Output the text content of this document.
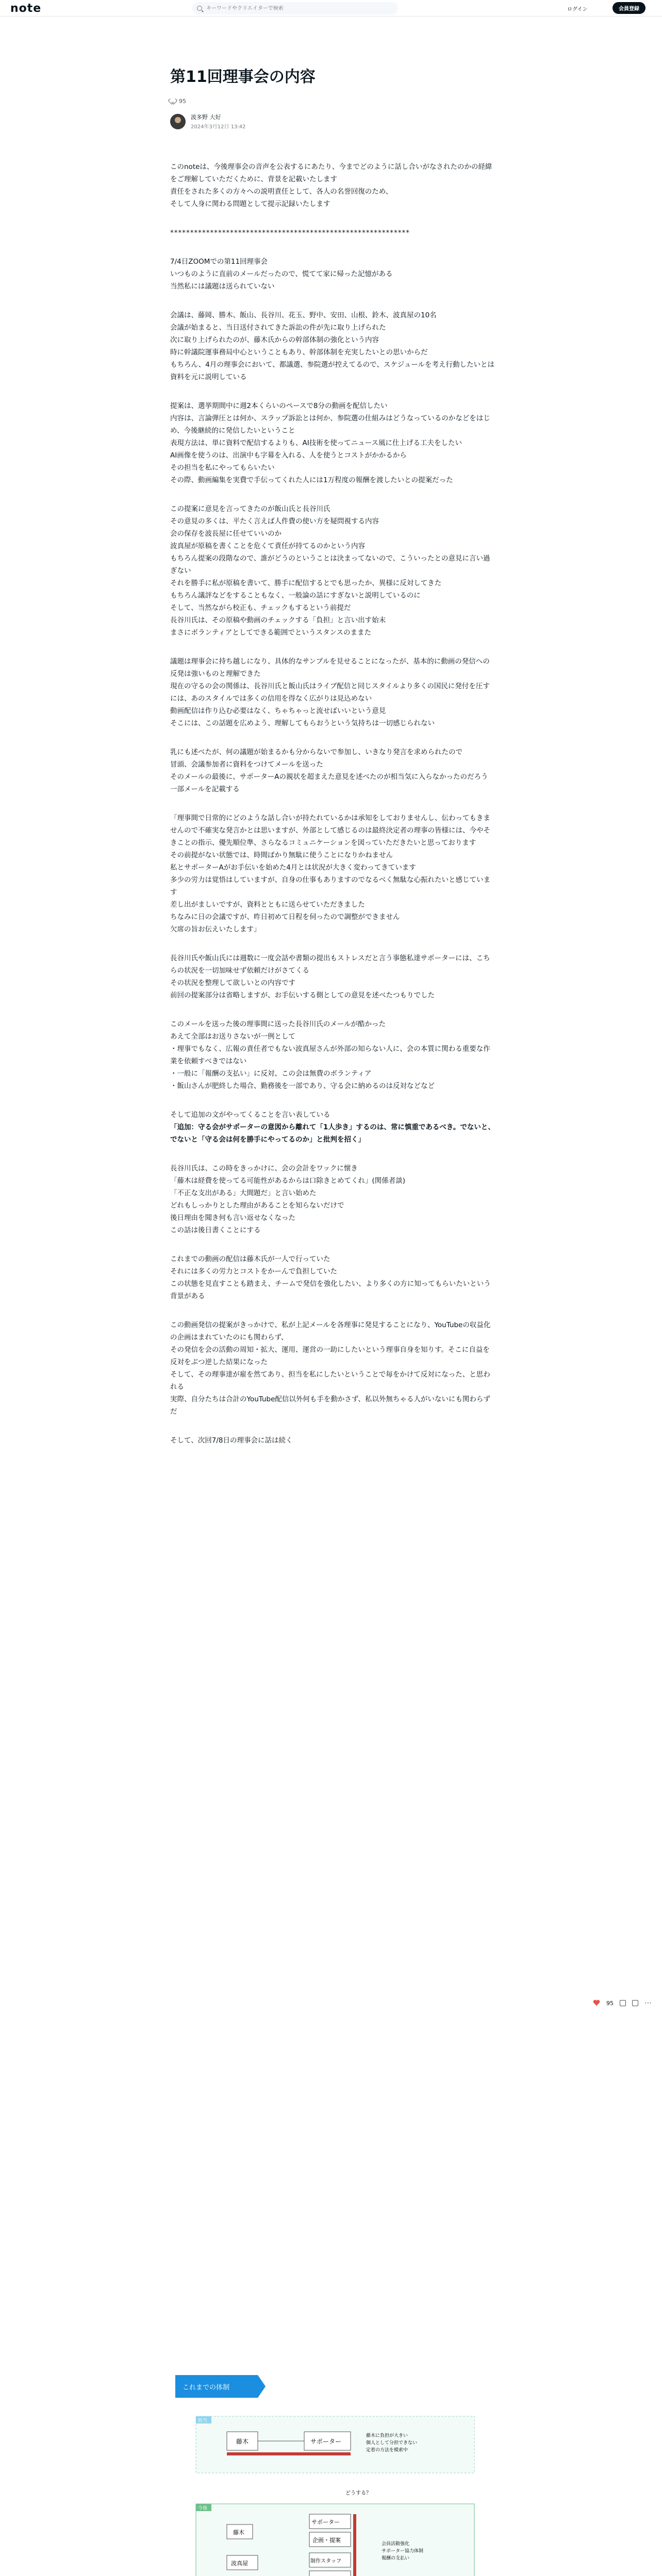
note
キーワードやクリエイターで検索	ログイン	会員登録
第11回理事会の内容
95
波多野 大好
2024年3月12日 13:42

このnoteは、今後理事会の音声を公表するにあたり、今までどのように話し合いがなされたのかの経緯をご理解していただくために、背景を記載いたします

責任をされた多くの方々への説明責任として、各人の名誉回復のため、

そして人身に関わる問題として提示記録いたします

************************************************************

7/4日ZOOMでの第11回理事会

いつものように直前のメールだったので、慌てて家に帰った記憶がある

当然私には議題は送られていない

会議は、藤岡、勝木、飯山、長谷川、花玉、野中、安田、山根、鈴木、波真屋の10名

会議が始まると、当日送付されてきた訴訟の件が先に取り上げられた

次に取り上げられたのが、藤木氏からの幹部体制の強化という内容

時に幹議院運事務局中心ということもあり、幹部体制を充実したいとの思いからだ

もちろん、4月の理事会において、都議選、参院選が控えてるので、スケジュールを考え行動したいとは資料を元に説明している

提案は、選挙期間中に週2本くらいのペースで8分の動画を配信したい

内容は、言論弾圧とは何か、スラップ訴訟とは何か、参院選の仕組みはどうなっているのかなどをはじめ、今後継続的に発信したいということ

表現方法は、単に資料で配信するよりも、AI技術を使ってニュース風に仕上げる工夫をしたい

AI画像を使うのは、出演中も字幕を入れる、人を使うとコストがかかるから

その担当を私にやってもらいたい

その際、動画編集を実費で手伝ってくれた人には1万程度の報酬を渡したいとの提案だった

この提案に意見を言ってきたのが飯山氏と長谷川氏

その意見の多くは、平たく言えば人件費の使い方を疑問視する内容

会の保存を波長屋に任せていいのか

波真屋が原稿を書くことを危くて責任が持てるのかという内容

もちろん提案の段階なので、誰がどうのということは決まってないので、こういったとの意見に言い過ぎない

それを勝手に私が原稿を書いて、勝手に配信するとでも思ったか、異様に反対してきた

もちろん議評などをすることもなく、一般論の話にすぎないと説明しているのに

そして、当然ながら校正も、チェックもするという前提だ

長谷川氏は、その原稿や動画のチェックする「負担」と言い出す始末

まさにボランティアとしてできる範囲でというスタンスのままた

議題は理事会に持ち越しになり、具体的なサンプルを見せることになったが、基本的に動画の発信への反発は強いものと理解できた

現在の守るの会の関係は、長谷川氏と飯山氏はライブ配信と同じスタイルより多くの国民に発付を圧すには、あのスタイルでは多くの信用を得なく広がりは見込めない

動画配信は作り込む必要はなく、ちゃちゃっと流せばいいという意見

そこには、この話題を広めよう、理解してもらおうという気持ちは一切感じられない

乳にも述べたが、何の議題が始まるかも分からないで参加し、いきなり発言を求められたので

冒頭、会議参加者に資料をつけてメールを送った

そのメールの最後に、サポーターAの親状を超まえた意見を述べたのが相当気に入らなかったのだろう

一部メールを記載する

「理事間で日常的にどのような話し合いが持たれているかは承知をしておりませんし、伝わってもきませんので不確実な発言かとは思いますが、外部として感じるのは最終決定者の理事の皆様には、今やそきことの指示、優先順位準、さらなるコミュニケーションを図っていただきたいと思っております

その前提がない状態では、時間ばかり無駄に使うことになりかねません

私とサポーターAがお手伝いを始めた4月とは状況が大きく変わってきています

多少の労力は覚悟はしていますが、自身の仕事もありますのでなるべく無駄な心振れたいと感じています

差し出がましいですが、資料とともに送らせていただきました

ちなみに日の会議ですが、昨日初めて日程を伺ったので調整ができません

欠席の旨お伝えいたします」

長谷川氏や飯山氏には週数に一度会話や書類の提出もストレスだと言う事態私達サポーターには、こちらの状況を一切加味せず依頼だけがさてくる

その状況を整理して欲しいとの内容です

前回の提案部分は省略しますが、お手伝いする側としての意見を述べたつもりでした

このメールを送った後の理事間に送った長谷川氏のメールが酷かった

あえて全部はお送りさないが一例として

・理事でもなく、広報の責任者でもない波真屋さんが外部の知らない人に、会の本質に関わる重要な作業を依頼すべきではない

・一般に「報酬の支払い」に反対、この会は無費のボランティア

・飯山さんが肥終した場合、勤務後を一部であり、守る会に納めるのは反対などなど

そして追加の文がやってくることを言い表している

「追加：守る会がサポーターの意図から離れて「1人歩き」するのは、常に慎重であるべき。でないと、でないと「守る会は何を勝手にやってるのか」と批判を招く」

長谷川氏は、この時をきっかけに、会の会計をワックに懐き

「藤木は経費を使ってる可能性があるからは口除きとめてくれ」(関係者談)

「不正な支出がある」大間題だ」と言い始めた

どれもしっかりとした理由があることを知らないだけで

後日理由を聞き何も言い返せなくなった

この話は後日書くことにする

これまでの動画の配信は藤木氏が一人で行っていた

それには多くの労力とコストをかーんで負担していた

この状態を見直すことも踏まえ、チームで発信を強化したい、より多くの方に知ってもらいたいという背景がある

この動画発信の提案がきっかけで、私が上記メールを各理事に発見することになり、YouTubeの収益化の企画はまれていたのにも関わらず、

その発信を会の活動の周知・拡大、運用、運営の一助にしたいという理事自身を知りす。そこに自益を反対をぶつ逆した結果になった

そして、その理事達が雇を然てあり、担当を私にしたいということで毎をかけて反対になった、と思われる

実際、自分たちは合計のYouTube配信以外何も手を動かさず、私以外無ちゃる人がいないにも関わらずだ

そして、次回7/8日の理事会に話は続く

95	⋯
これまでの体制
担当
藤木	サポーター
藤木に負担が大きい
個人として分担できない
定着の方法を模索中
どうする？
今後
藤木
波真屋
サポーター
企画・提案
制作スタッフ
会員活動強化
サポーター協力体制
報酬の支払い
